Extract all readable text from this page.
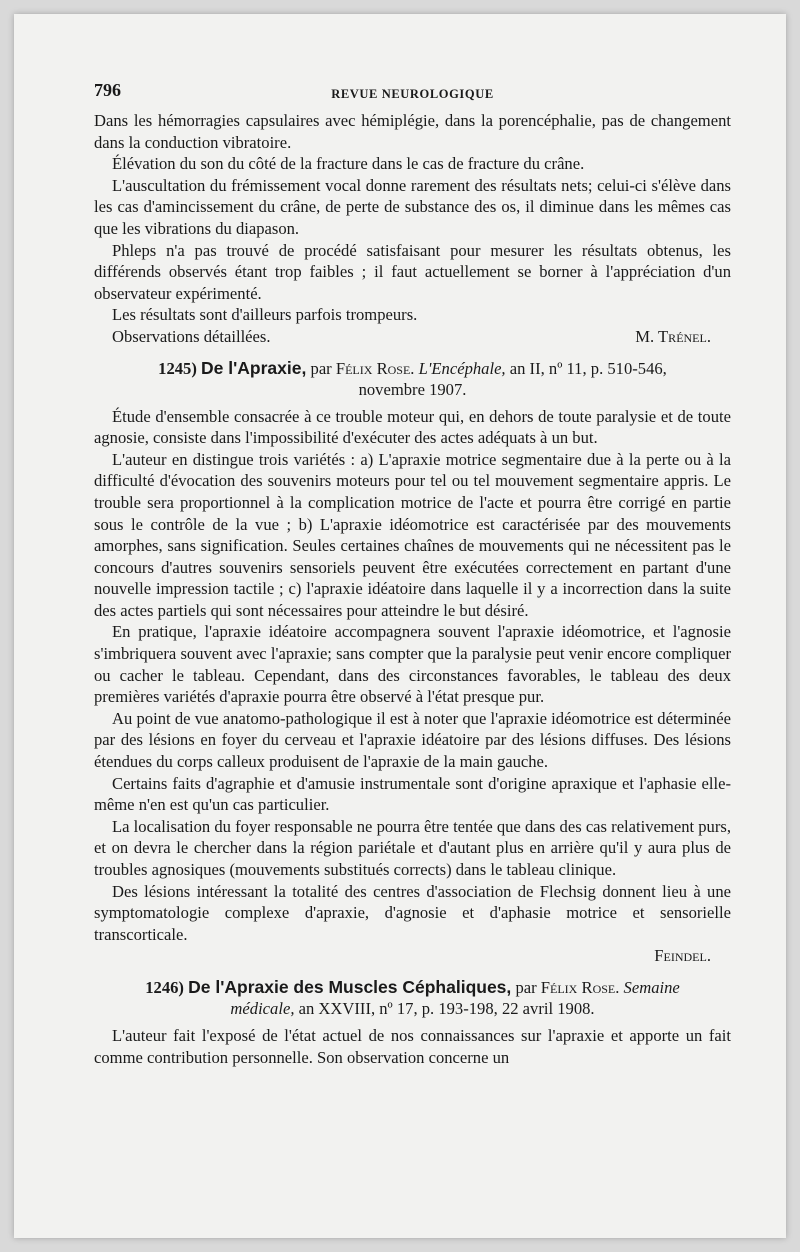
796	REVUE NEUROLOGIQUE

Dans les hémorragies capsulaires avec hémiplégie, dans la porencéphalie, pas de changement dans la conduction vibratoire.

Élévation du son du côté de la fracture dans le cas de fracture du crâne.

L'auscultation du frémissement vocal donne rarement des résultats nets; celui-ci s'élève dans les cas d'amincissement du crâne, de perte de substance des os, il diminue dans les mêmes cas que les vibrations du diapason.

Phleps n'a pas trouvé de procédé satisfaisant pour mesurer les résultats obtenus, les différends observés étant trop faibles ; il faut actuellement se borner à l'appréciation d'un observateur expérimenté.

Les résultats sont d'ailleurs parfois trompeurs.

Observations détaillées.	M. Trénel.
1245) De l'Apraxie, par Félix Rose. L'Encéphale, an II, nº 11, p. 510-546,
novembre 1907.

Étude d'ensemble consacrée à ce trouble moteur qui, en dehors de toute paralysie et de toute agnosie, consiste dans l'impossibilité d'exécuter des actes adéquats à un but.

L'auteur en distingue trois variétés : a) L'apraxie motrice segmentaire due à la perte ou à la difficulté d'évocation des souvenirs moteurs pour tel ou tel mouvement segmentaire appris. Le trouble sera proportionnel à la complication motrice de l'acte et pourra être corrigé en partie sous le contrôle de la vue ; b) L'apraxie idéomotrice est caractérisée par des mouvements amorphes, sans signification. Seules certaines chaînes de mouvements qui ne nécessitent pas le concours d'autres souvenirs sensoriels peuvent être exécutées correctement en partant d'une nouvelle impression tactile ; c) l'apraxie idéatoire dans laquelle il y a incorrection dans la suite des actes partiels qui sont nécessaires pour atteindre le but désiré.

En pratique, l'apraxie idéatoire accompagnera souvent l'apraxie idéomotrice, et l'agnosie s'imbriquera souvent avec l'apraxie; sans compter que la paralysie peut venir encore compliquer ou cacher le tableau. Cependant, dans des circonstances favorables, le tableau des deux premières variétés d'apraxie pourra être observé à l'état presque pur.

Au point de vue anatomo-pathologique il est à noter que l'apraxie idéomotrice est déterminée par des lésions en foyer du cerveau et l'apraxie idéatoire par des lésions diffuses. Des lésions étendues du corps calleux produisent de l'apraxie de la main gauche.

Certains faits d'agraphie et d'amusie instrumentale sont d'origine apraxique et l'aphasie elle-même n'en est qu'un cas particulier.

La localisation du foyer responsable ne pourra être tentée que dans des cas relativement purs, et on devra le chercher dans la région pariétale et d'autant plus en arrière qu'il y aura plus de troubles agnosiques (mouvements substitués corrects) dans le tableau clinique.

Des lésions intéressant la totalité des centres d'association de Flechsig donnent lieu à une symptomatologie complexe d'apraxie, d'agnosie et d'aphasie motrice et sensorielle transcorticale.

Feindel.
1246) De l'Apraxie des Muscles Céphaliques, par Félix Rose. Semaine
médicale, an XXVIII, nº 17, p. 193-198, 22 avril 1908.

L'auteur fait l'exposé de l'état actuel de nos connaissances sur l'apraxie et apporte un fait comme contribution personnelle. Son observation concerne un
